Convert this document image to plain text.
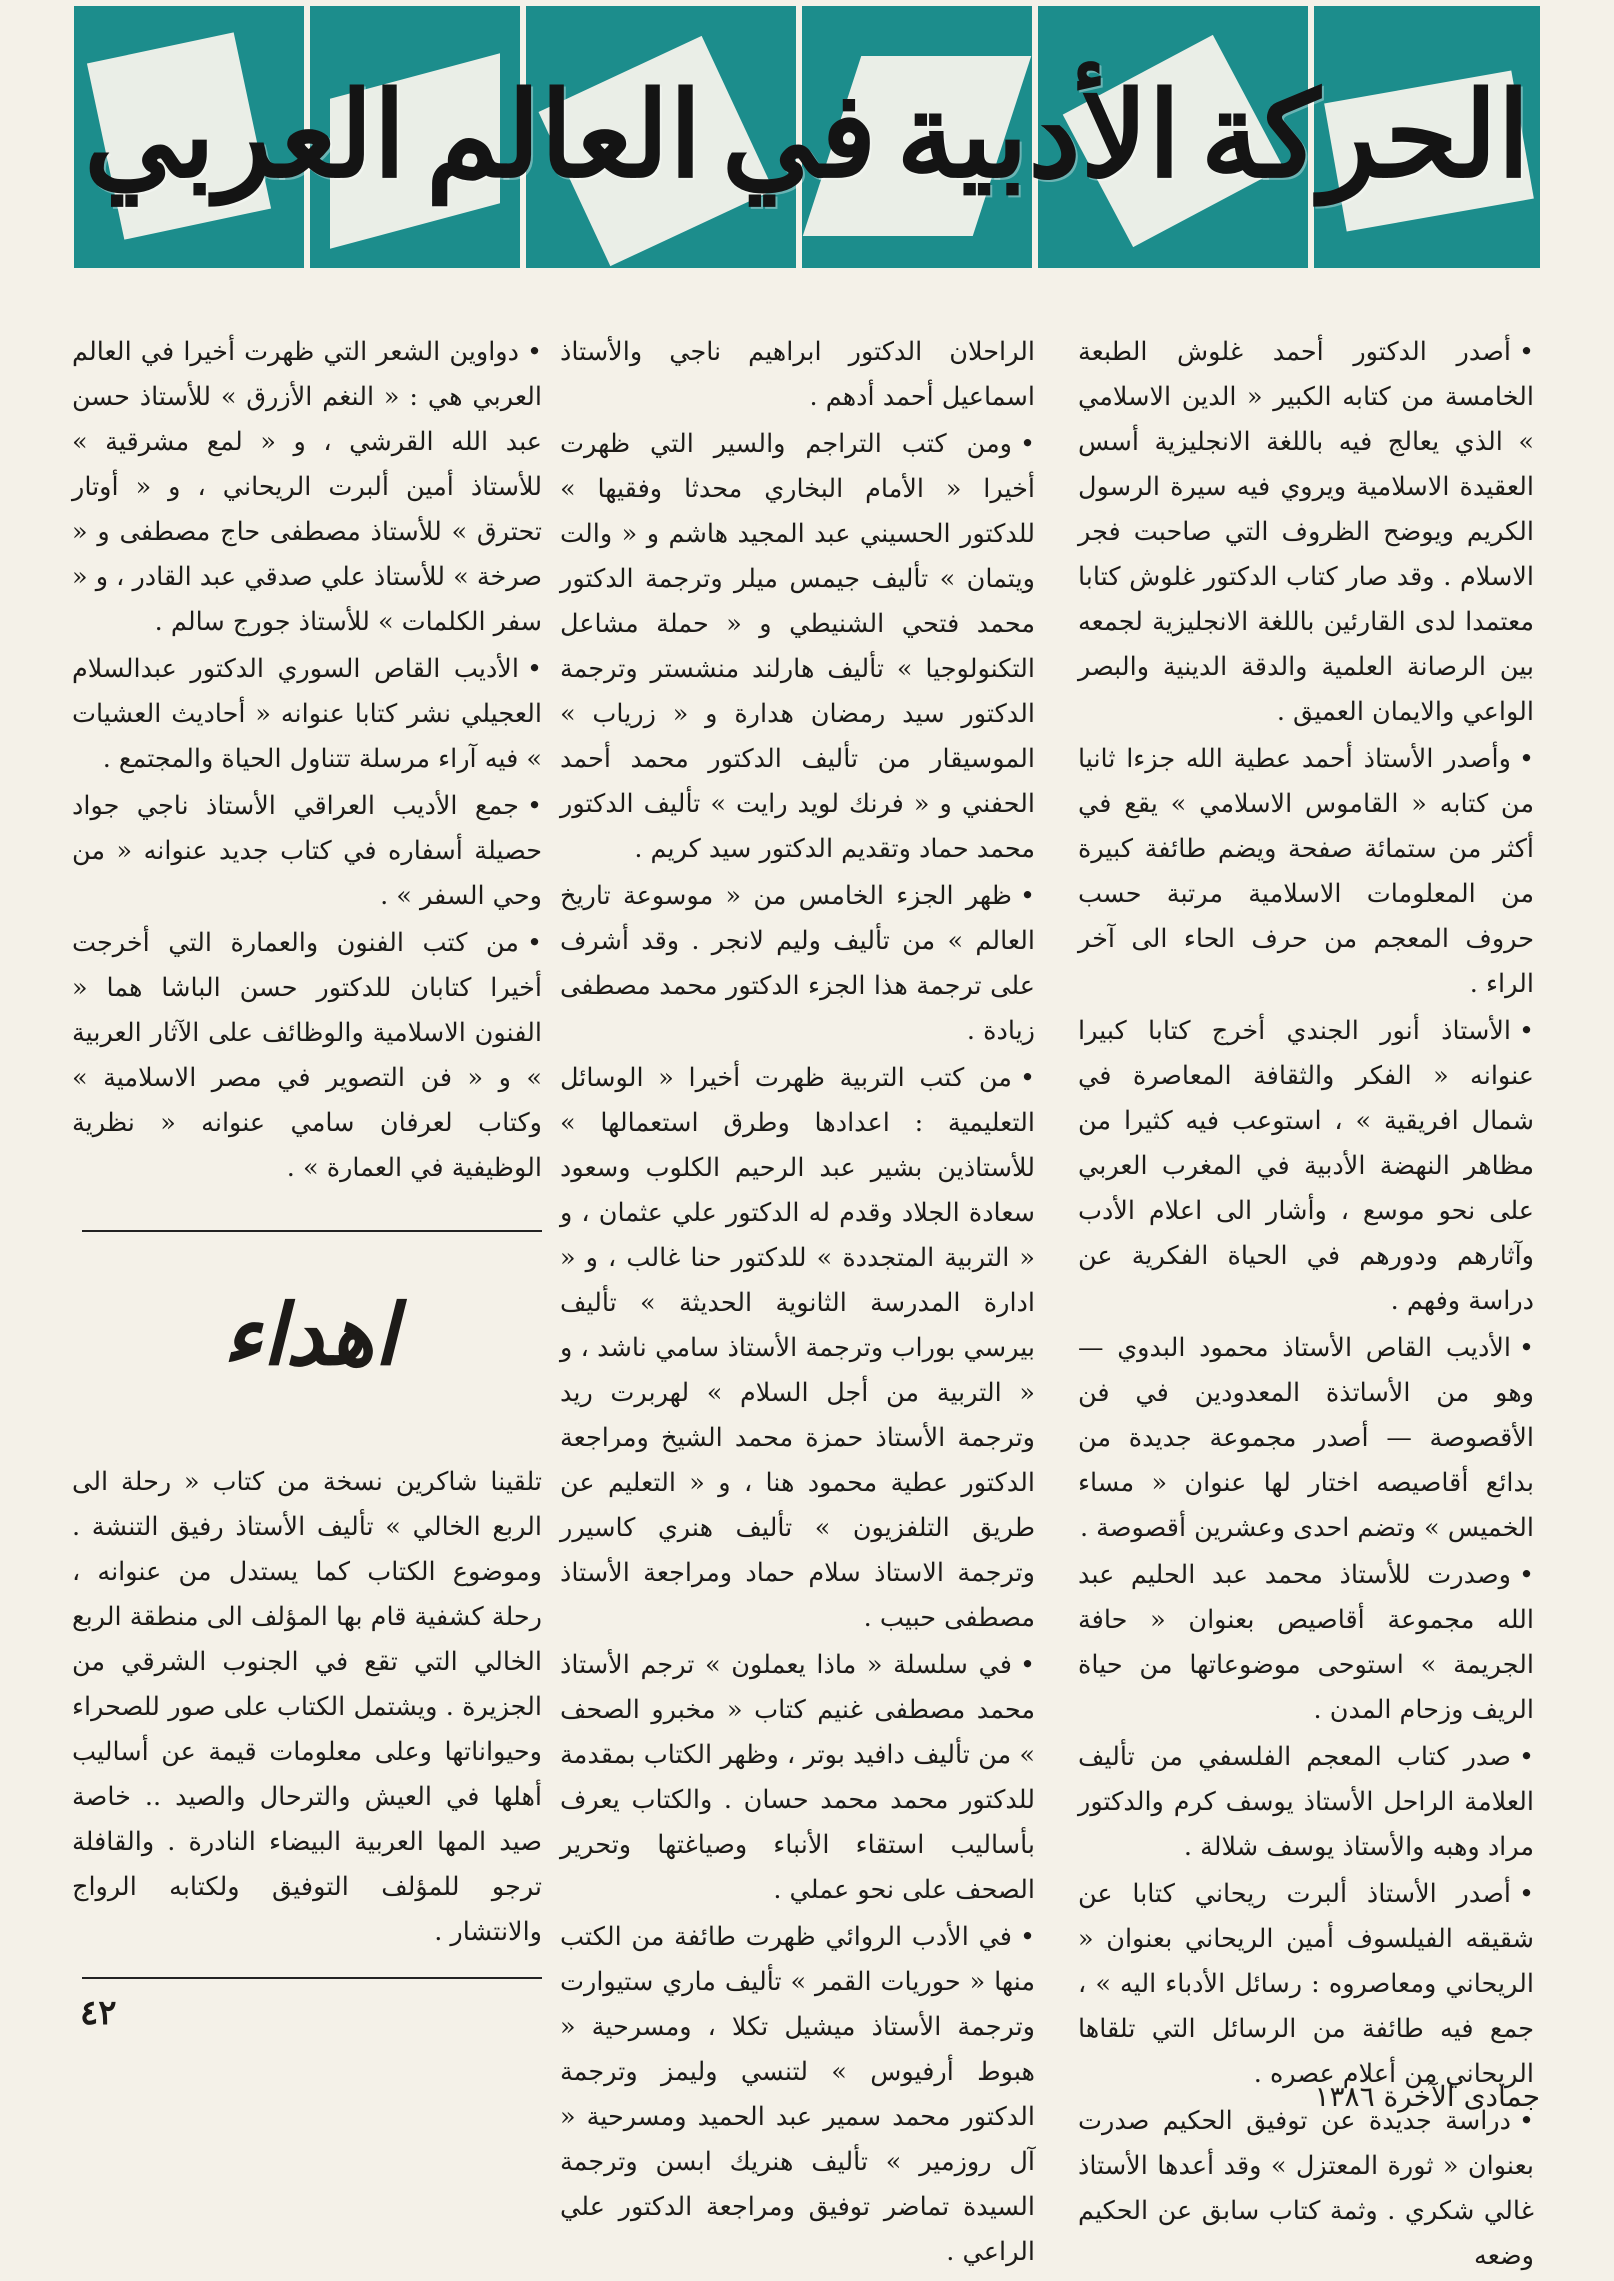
الحركة
الأدبية
في
العالم
العربي

•أصدر الدكتور أحمد غلوش الطبعة الخامسة من كتابه الكبير « الدين الاسلامي » الذي يعالج فيه باللغة الانجليزية أسس العقيدة الاسلامية ويروي فيه سيرة الرسول الكريم ويوضح الظروف التي صاحبت فجر الاسلام . وقد صار كتاب الدكتور غلوش كتابا معتمدا لدى القارئين باللغة الانجليزية لجمعه بين الرصانة العلمية والدقة الدينية والبصر الواعي والايمان العميق .

•وأصدر الأستاذ أحمد عطية الله جزءا ثانيا من كتابه « القاموس الاسلامي » يقع في أكثر من ستمائة صفحة ويضم طائفة كبيرة من المعلومات الاسلامية مرتبة حسب حروف المعجم من حرف الحاء الى آخر الراء .

•الأستاذ أنور الجندي أخرج كتابا كبيرا عنوانه « الفكر والثقافة المعاصرة في شمال افريقية » ، استوعب فيه كثيرا من مظاهر النهضة الأدبية في المغرب العربي على نحو موسع ، وأشار الى اعلام الأدب وآثارهم ودورهم في الحياة الفكرية عن دراسة وفهم .

•الأديب القاص الأستاذ محمود البدوي — وهو من الأساتذة المعدودين في فن الأقصوصة — أصدر مجموعة جديدة من بدائع أقاصيصه اختار لها عنوان « مساء الخميس » وتضم احدى وعشرين أقصوصة .

•وصدرت للأستاذ محمد عبد الحليم عبد الله مجموعة أقاصيص بعنوان « حافة الجريمة » استوحى موضوعاتها من حياة الريف وزحام المدن .

•صدر كتاب المعجم الفلسفي من تأليف العلامة الراحل الأستاذ يوسف كرم والدكتور مراد وهبه والأستاذ يوسف شلالة .

•أصدر الأستاذ ألبرت ريحاني كتابا عن شقيقه الفيلسوف أمين الريحاني بعنوان « الريحاني ومعاصروه : رسائل الأدباء اليه » ، جمع فيه طائفة من الرسائل التي تلقاها الريحاني من أعلام عصره .

•دراسة جديدة عن توفيق الحكيم صدرت بعنوان « ثورة المعتزل » وقد أعدها الأستاذ غالي شكري . وثمة كتاب سابق عن الحكيم وضعه

الراحلان الدكتور ابراهيم ناجي والأستاذ اسماعيل أحمد أدهم .

•ومن كتب التراجم والسير التي ظهرت أخيرا « الأمام البخاري محدثا وفقيها » للدكتور الحسيني عبد المجيد هاشم و « والت ويتمان » تأليف جيمس ميلر وترجمة الدكتور محمد فتحي الشنيطي و « حملة مشاعل التكنولوجيا » تأليف هارلند منشستر وترجمة الدكتور سيد رمضان هدارة و « زرياب » الموسيقار من تأليف الدكتور محمد أحمد الحفني و « فرنك لويد رايت » تأليف الدكتور محمد حماد وتقديم الدكتور سيد كريم .

•ظهر الجزء الخامس من « موسوعة تاريخ العالم » من تأليف وليم لانجر . وقد أشرف على ترجمة هذا الجزء الدكتور محمد مصطفى زيادة .

•من كتب التربية ظهرت أخيرا « الوسائل التعليمية : اعدادها وطرق استعمالها » للأستاذين بشير عبد الرحيم الكلوب وسعود سعادة الجلاد وقدم له الدكتور علي عثمان ، و « التربية المتجددة » للدكتور حنا غالب ، و « ادارة المدرسة الثانوية الحديثة » تأليف بيرسي بوراب وترجمة الأستاذ سامي ناشد ، و « التربية من أجل السلام » لهربرت ريد وترجمة الأستاذ حمزة محمد الشيخ ومراجعة الدكتور عطية محمود هنا ، و « التعليم عن طريق التلفزيون » تأليف هنري كاسيرر وترجمة الاستاذ سلام حماد ومراجعة الأستاذ مصطفى حبيب .

•في سلسلة « ماذا يعملون » ترجم الأستاذ محمد مصطفى غنيم كتاب « مخبرو الصحف » من تأليف دافيد بوتر ، وظهر الكتاب بمقدمة للدكتور محمد محمد حسان . والكتاب يعرف بأساليب استقاء الأنباء وصياغتها وتحرير الصحف على نحو عملي .

•في الأدب الروائي ظهرت طائفة من الكتب منها « حوريات القمر » تأليف ماري ستيوارت وترجمة الأستاذ ميشيل تكلا ، ومسرحية « هبوط أرفيوس » لتنسي وليمز وترجمة الدكتور محمد سمير عبد الحميد ومسرحية « آل روزمير » تأليف هنريك ابسن وترجمة السيدة تماضر توفيق ومراجعة الدكتور علي الراعي .

•دواوين الشعر التي ظهرت أخيرا في العالم العربي هي : « النغم الأزرق » للأستاذ حسن عبد الله القرشي ، و « لمع مشرقية » للأستاذ أمين ألبرت الريحاني ، و « أوتار تحترق » للأستاذ مصطفى حاج مصطفى و « صرخة » للأستاذ علي صدقي عبد القادر ، و « سفر الكلمات » للأستاذ جورج سالم .

•الأديب القاص السوري الدكتور عبدالسلام العجيلي نشر كتابا عنوانه « أحاديث العشيات » فيه آراء مرسلة تتناول الحياة والمجتمع .

•جمع الأديب العراقي الأستاذ ناجي جواد حصيلة أسفاره في كتاب جديد عنوانه « من وحي السفر » .

•من كتب الفنون والعمارة التي أخرجت أخيرا كتابان للدكتور حسن الباشا هما « الفنون الاسلامية والوظائف على الآثار العربية » و « فن التصوير في مصر الاسلامية » وكتاب لعرفان سامي عنوانه « نظرية الوظيفية في العمارة » .

اهداء

تلقينا شاكرين نسخة من كتاب « رحلة الى الربع الخالي » تأليف الأستاذ رفيق التنشة . وموضوع الكتاب كما يستدل من عنوانه ، رحلة كشفية قام بها المؤلف الى منطقة الربع الخالي التي تقع في الجنوب الشرقي من الجزيرة . ويشتمل الكتاب على صور للصحراء وحيواناتها وعلى معلومات قيمة عن أساليب أهلها في العيش والترحال والصيد .. خاصة صيد المها العربية البيضاء النادرة . والقافلة ترجو للمؤلف التوفيق ولكتابه الرواج والانتشار .

٤٢
جمادى الآخرة ١٣٨٦
